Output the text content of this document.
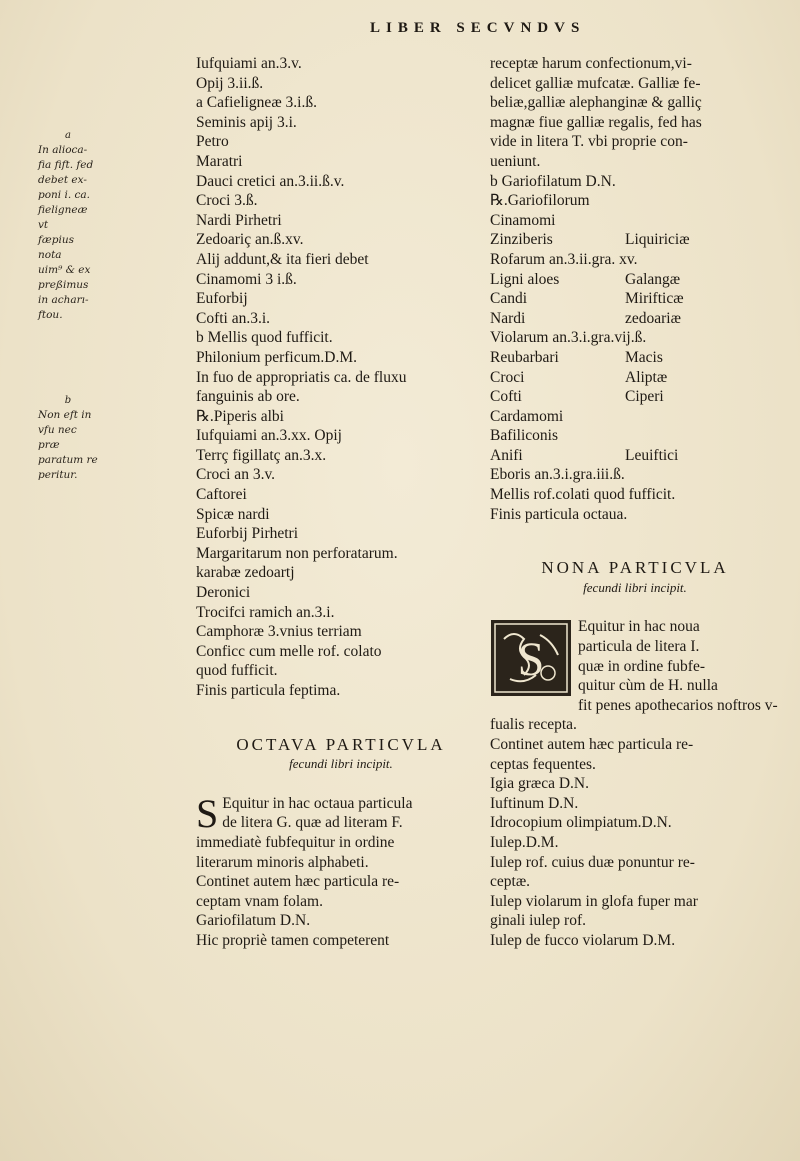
LIBER SECVNDVS
a
In alioca-
fia fift. fed
debet ex-
poni i. ca.
fieligneæ vt
fæpius nota
uim⁹ & ex
preßimus
in acharı-
ftou.
b
Non eft in
vfu nec præ
paratum re
peritur.
Iufquiami an.3.v.
Opij 3.ii.ß.
a Cafieligneæ 3.i.ß.
Seminis apij 3.i.
Petro
Maratri
Dauci cretici an.3.ii.ß.v.
Croci 3.ß.
Nardi Pirhetri
Zedoariç an.ß.xv.
Alij addunt,& ita fieri debet
Cinamomi 3 i.ß.
Euforbij
Cofti an.3.i.
b Mellis quod fufficit.
Philonium perficum.D.M.
In fuo de appropriatis ca. de fluxu
fanguinis ab ore.
℞.Piperis albi
Iufquiami an.3.xx. Opij
Terrç figillatç an.3.x.
Croci an 3.v.
Caftorei
Spicæ nardi
Euforbij Pirhetri
Margaritarum non perforatarum.
karabæ zedoartj
Deronici
Trocifci ramich an.3.i.
Camphoræ 3.vnius terriam
Conficc cum melle rof. colato
quod fufficit.
Finis particula feptima.
OCTAVA PARTICVLA
fecundi libri incipit.
S Equitur in hac octaua particula
de litera G. quæ ad literam F.
immediatè fubfequitur in ordine
literarum minoris alphabeti.
Continet autem hæc particula re-
ceptam vnam folam.
Gariofilatum D.N.
Hic propriè tamen competerent
receptæ harum confectionum,vi-
delicet galliæ mufcatæ. Galliæ fe-
beliæ,galliæ alephanginæ & galliç
magnæ fiue galliæ regalis, fed has
vide in litera T. vbi proprie con-
ueniunt.
b Gariofilatum D.N.
℞.Gariofilorum
Cinamomi
Zinziberis	Liquiriciæ
Rofarum an.3.ii.gra. xv.
Ligni aloes	Galangæ
Candi	Mirifticæ
Nardi	zedoariæ
Violarum an.3.i.gra.vij.ß.
Reubarbari	Macis
Croci	Aliptæ
Cofti	Ciperi
Cardamomi
Bafiliconis
Anifi	Leuiftici
Eboris an.3.i.gra.iii.ß.
Mellis rof.colati quod fufficit.
Finis particula octaua.
NONA PARTICVLA
fecundi libri incipit.
S
Equitur in hac noua
particula de litera I.
quæ in ordine fubfe-
quitur cùm de H. nulla
fit penes apothecarios noftros v-
fualis recepta.
Continet autem hæc particula re-
ceptas fequentes.
Igia græca D.N.
Iuftinum D.N.
Idrocopium olimpiatum.D.N.
Iulep.D.M.
Iulep rof. cuius duæ ponuntur re-
ceptæ.
Iulep violarum in glofa fuper mar
ginali iulep rof.
Iulep de fucco violarum D.M.
